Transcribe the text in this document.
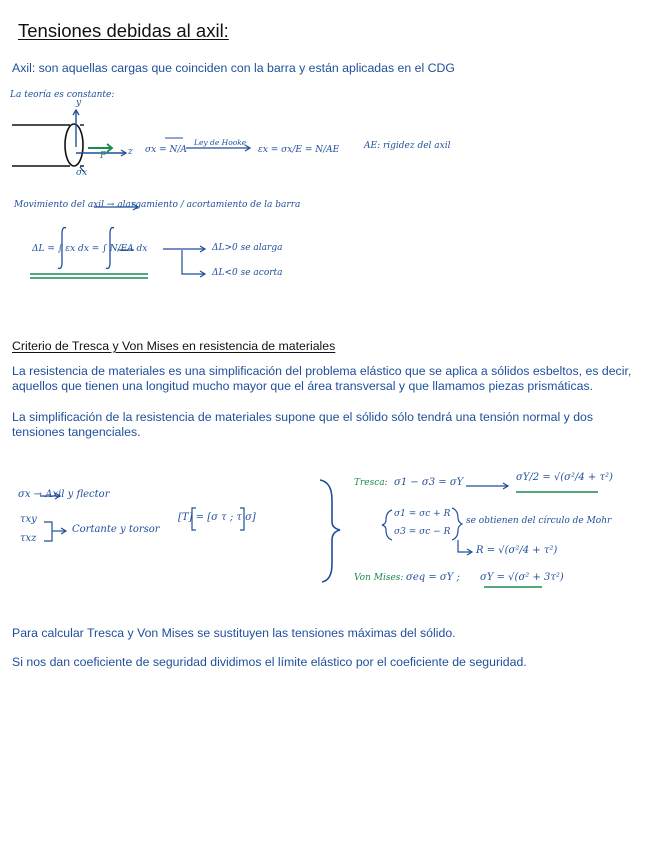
Tensiones debidas al axil:
Axil: son aquellas cargas que coinciden con la barra y están aplicadas en el CDG
La teoría es constante:
y
z
P
σx
σx = N/A
Ley de Hooke
εx = σx/E = N/AE	AE: rigidez del axil
Movimiento del axil → alargamiento / acortamiento de la barra
ΔL = ∫ εx dx = ∫ N/EA dx	ΔL>0 se alarga
ΔL<0 se acorta
Criterio de Tresca y Von Mises en resistencia de materiales
La resistencia de materiales es una simplificación del problema elástico que se aplica a sólidos esbeltos, es decir, aquellos que tienen una longitud mucho mayor que el área transversal y que llamamos piezas prismáticas.
La simplificación de la resistencia de materiales supone que el sólido sólo tendrá una tensión normal y dos tensiones tangenciales.
σx → Axil y flector
τxy
τxz
Cortante y torsor
[T] = [σ τ ; τ σ]
Tresca: σ1 − σ3 = σY	σY/2 = √(σ²/4 + τ²)
σ1 = σc + R
σ3 = σc − R
se obtienen del círculo de Mohr
R = √(σ²/4 + τ²)
Von Mises: σeq = σY ; σY = √(σ² + 3τ²)
Para calcular Tresca y Von Mises se sustituyen las tensiones máximas del sólido.
Si nos dan coeficiente de seguridad dividimos el límite elástico por el coeficiente de seguridad.
